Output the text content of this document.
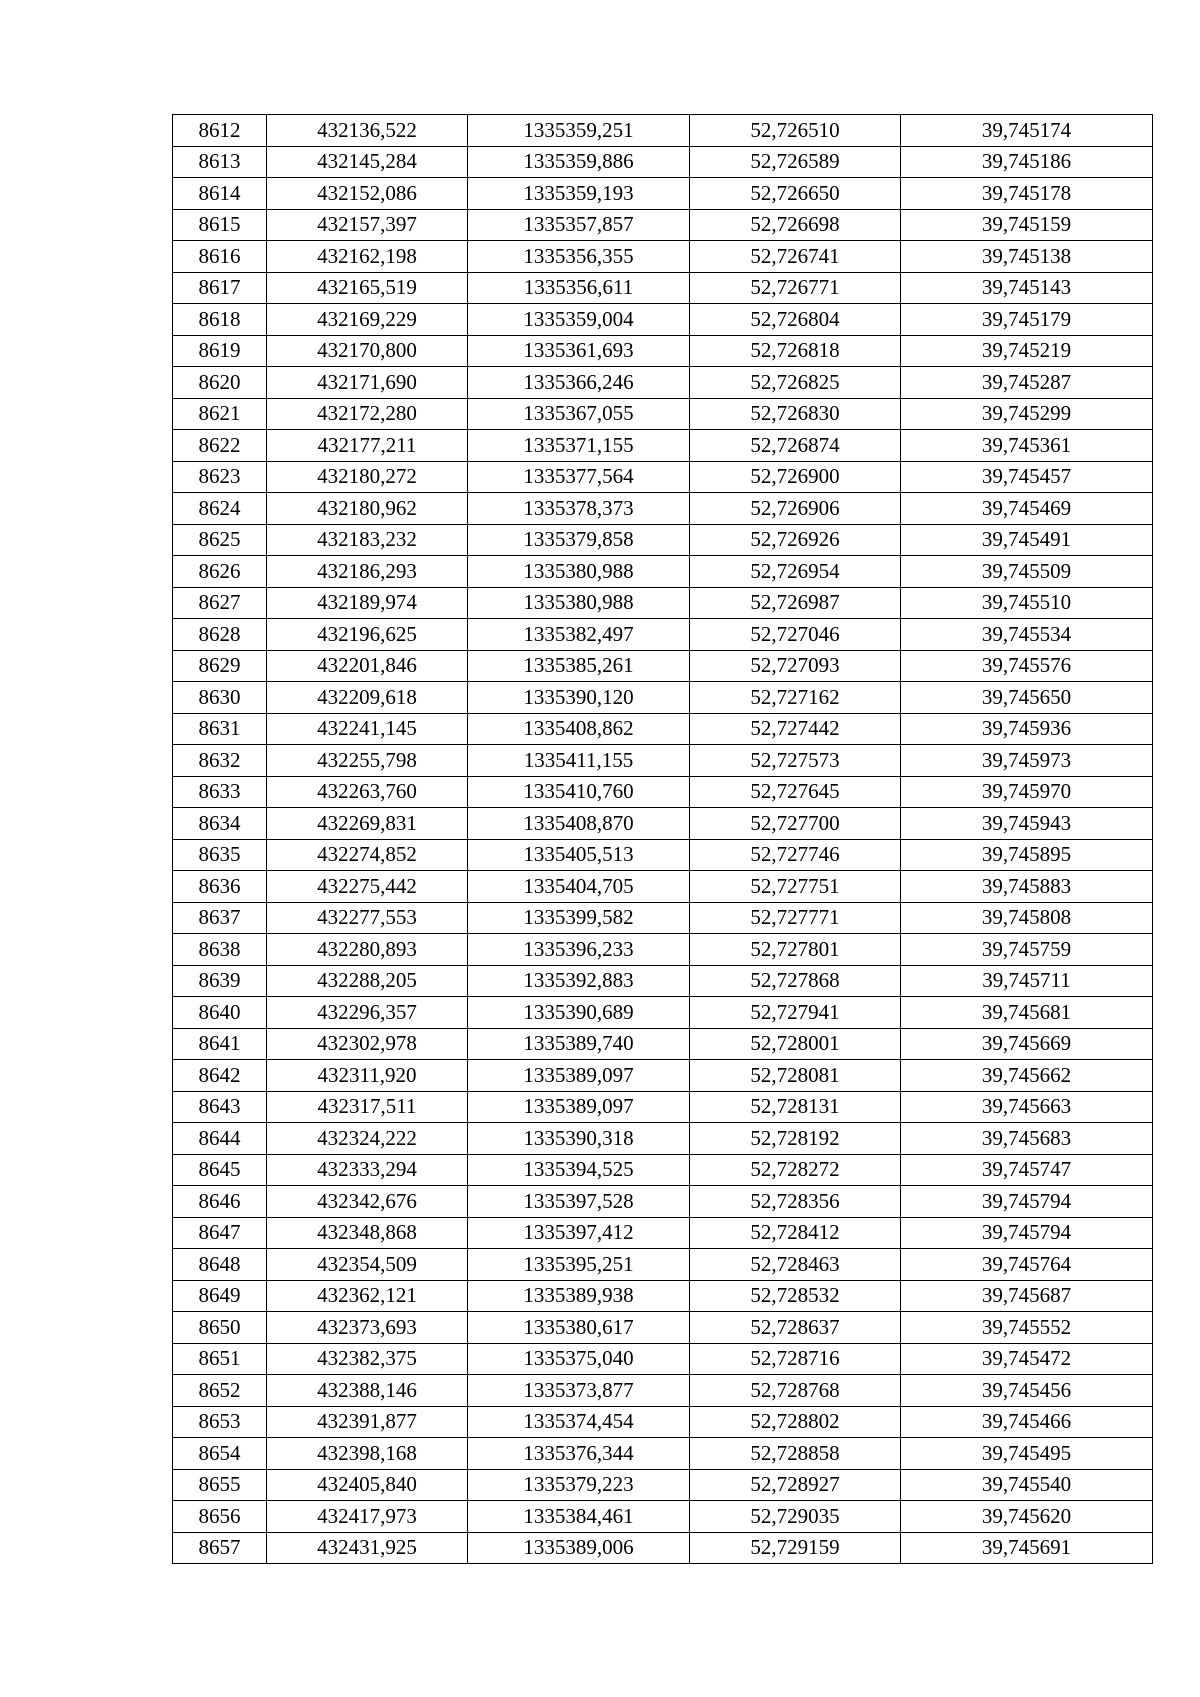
8612	432136,522	1335359,251	52,726510	39,745174
8613	432145,284	1335359,886	52,726589	39,745186
8614	432152,086	1335359,193	52,726650	39,745178
8615	432157,397	1335357,857	52,726698	39,745159
8616	432162,198	1335356,355	52,726741	39,745138
8617	432165,519	1335356,611	52,726771	39,745143
8618	432169,229	1335359,004	52,726804	39,745179
8619	432170,800	1335361,693	52,726818	39,745219
8620	432171,690	1335366,246	52,726825	39,745287
8621	432172,280	1335367,055	52,726830	39,745299
8622	432177,211	1335371,155	52,726874	39,745361
8623	432180,272	1335377,564	52,726900	39,745457
8624	432180,962	1335378,373	52,726906	39,745469
8625	432183,232	1335379,858	52,726926	39,745491
8626	432186,293	1335380,988	52,726954	39,745509
8627	432189,974	1335380,988	52,726987	39,745510
8628	432196,625	1335382,497	52,727046	39,745534
8629	432201,846	1335385,261	52,727093	39,745576
8630	432209,618	1335390,120	52,727162	39,745650
8631	432241,145	1335408,862	52,727442	39,745936
8632	432255,798	1335411,155	52,727573	39,745973
8633	432263,760	1335410,760	52,727645	39,745970
8634	432269,831	1335408,870	52,727700	39,745943
8635	432274,852	1335405,513	52,727746	39,745895
8636	432275,442	1335404,705	52,727751	39,745883
8637	432277,553	1335399,582	52,727771	39,745808
8638	432280,893	1335396,233	52,727801	39,745759
8639	432288,205	1335392,883	52,727868	39,745711
8640	432296,357	1335390,689	52,727941	39,745681
8641	432302,978	1335389,740	52,728001	39,745669
8642	432311,920	1335389,097	52,728081	39,745662
8643	432317,511	1335389,097	52,728131	39,745663
8644	432324,222	1335390,318	52,728192	39,745683
8645	432333,294	1335394,525	52,728272	39,745747
8646	432342,676	1335397,528	52,728356	39,745794
8647	432348,868	1335397,412	52,728412	39,745794
8648	432354,509	1335395,251	52,728463	39,745764
8649	432362,121	1335389,938	52,728532	39,745687
8650	432373,693	1335380,617	52,728637	39,745552
8651	432382,375	1335375,040	52,728716	39,745472
8652	432388,146	1335373,877	52,728768	39,745456
8653	432391,877	1335374,454	52,728802	39,745466
8654	432398,168	1335376,344	52,728858	39,745495
8655	432405,840	1335379,223	52,728927	39,745540
8656	432417,973	1335384,461	52,729035	39,745620
8657	432431,925	1335389,006	52,729159	39,745691
